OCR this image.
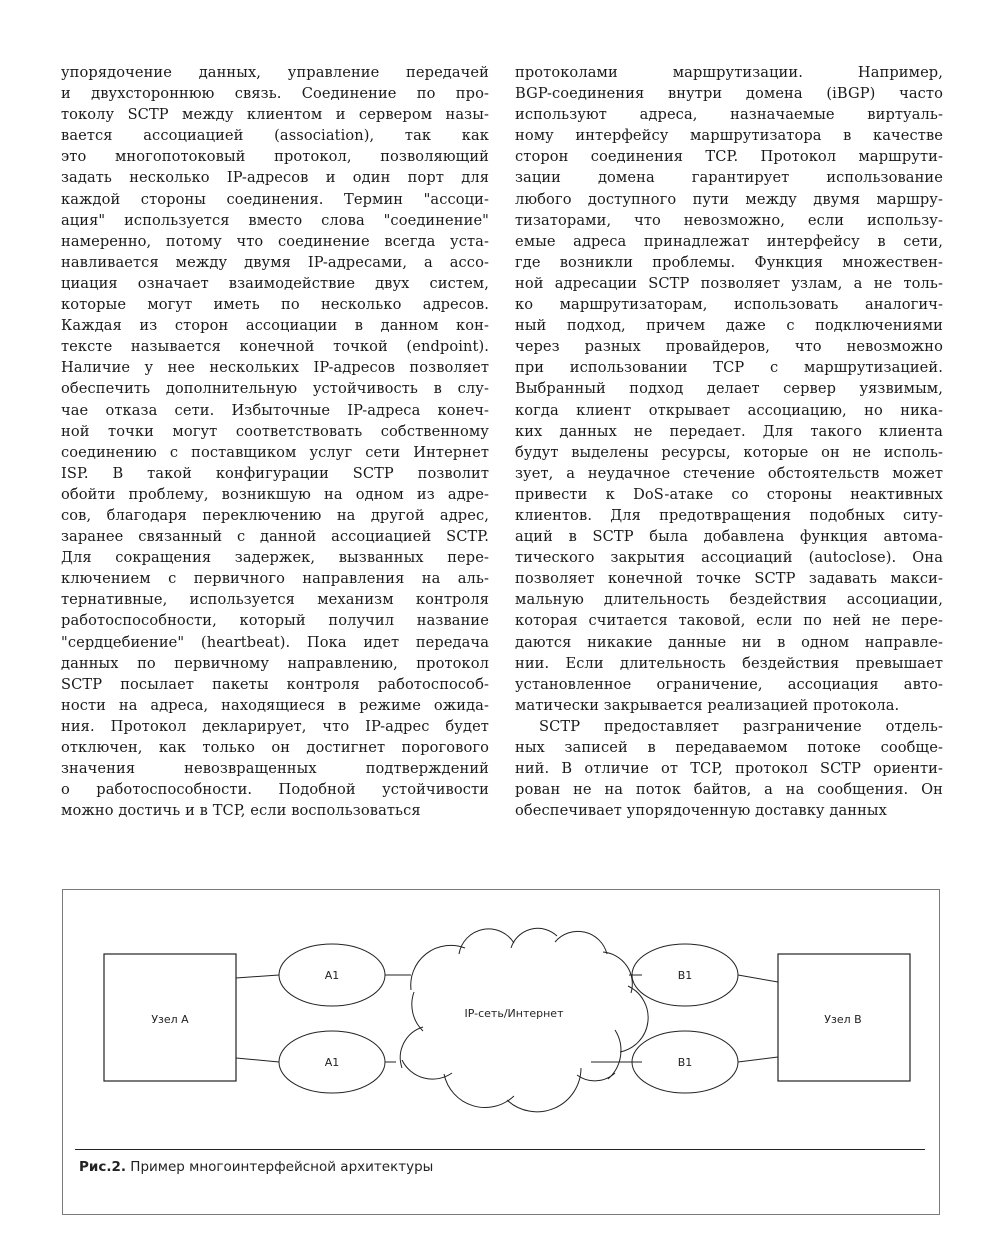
упорядочение данных, управление передачей
и двухстороннюю связь. Соединение по про-
токолу SCTP между клиентом и сервером назы-
вается ассоциацией (association), так как
это многопотоковый протокол, позволяющий
задать несколько IP-адресов и один порт для
каждой стороны соединения. Термин "ассоци-
ация" используется вместо слова "соединение"
намеренно, потому что соединение всегда уста-
навливается между двумя IP-адресами, а ассо-
циация означает взаимодействие двух систем,
которые могут иметь по несколько адресов.
Каждая из сторон ассоциации в данном кон-
тексте называется конечной точкой (endpoint).
Наличие у нее нескольких IP-адресов позволяет
обеспечить дополнительную устойчивость в слу-
чае отказа сети. Избыточные IP-адреса конеч-
ной точки могут соответствовать собственному
соединению с поставщиком услуг сети Интернет
ISP. В такой конфигурации SCTP позволит
обойти проблему, возникшую на одном из адре-
сов, благодаря переключению на другой адрес,
заранее связанный с данной ассоциацией SCTP.
Для сокращения задержек, вызванных пере-
ключением с первичного направления на аль-
тернативные, используется механизм контроля
работоспособности, который получил название
"сердцебиение" (heartbeat). Пока идет передача
данных по первичному направлению, протокол
SCTP посылает пакеты контроля работоспособ-
ности на адреса, находящиеся в режиме ожида-
ния. Протокол декларирует, что IP-адрес будет
отключен, как только он достигнет порогового
значения невозвращенных подтверждений
о работоспособности. Подобной устойчивости
можно достичь и в TCP, если воспользоваться
протоколами маршрутизации. Например,
BGP-соединения внутри домена (iBGP) часто
используют адреса, назначаемые виртуаль-
ному интерфейсу маршрутизатора в качестве
сторон соединения TCP. Протокол маршрути-
зации домена гарантирует использование
любого доступного пути между двумя маршру-
тизаторами, что невозможно, если использу-
емые адреса принадлежат интерфейсу в сети,
где возникли проблемы. Функция множествен-
ной адресации SCTP позволяет узлам, а не толь-
ко маршрутизаторам, использовать аналогич-
ный подход, причем даже с подключениями
через разных провайдеров, что невозможно
при использовании TCP с маршрутизацией.
Выбранный подход делает сервер уязвимым,
когда клиент открывает ассоциацию, но ника-
ких данных не передает. Для такого клиента
будут выделены ресурсы, которые он не исполь-
зует, а неудачное стечение обстоятельств может
привести к DoS-атаке со стороны неактивных
клиентов. Для предотвращения подобных ситу-
аций в SCTP была добавлена функция автома-
тического закрытия ассоциаций (autoclose). Она
позволяет конечной точке SCTP задавать макси-
мальную длительность бездействия ассоциации,
которая считается таковой, если по ней не пере-
даются никакие данные ни в одном направле-
нии. Если длительность бездействия превышает
установленное ограничение, ассоциация авто-
матически закрывается реализацией протокола.
SCTP предоставляет разграничение отдель-
ных записей в передаваемом потоке сообще-
ний. В отличие от TCP, протокол SCTP ориенти-
рован не на поток байтов, а на сообщения. Он
обеспечивает упорядоченную доставку данных
Узел А
A1
A1
IP-сеть/Интернет
B1
B1
Узел В
Рис.2. Пример многоинтерфейсной архитектуры
